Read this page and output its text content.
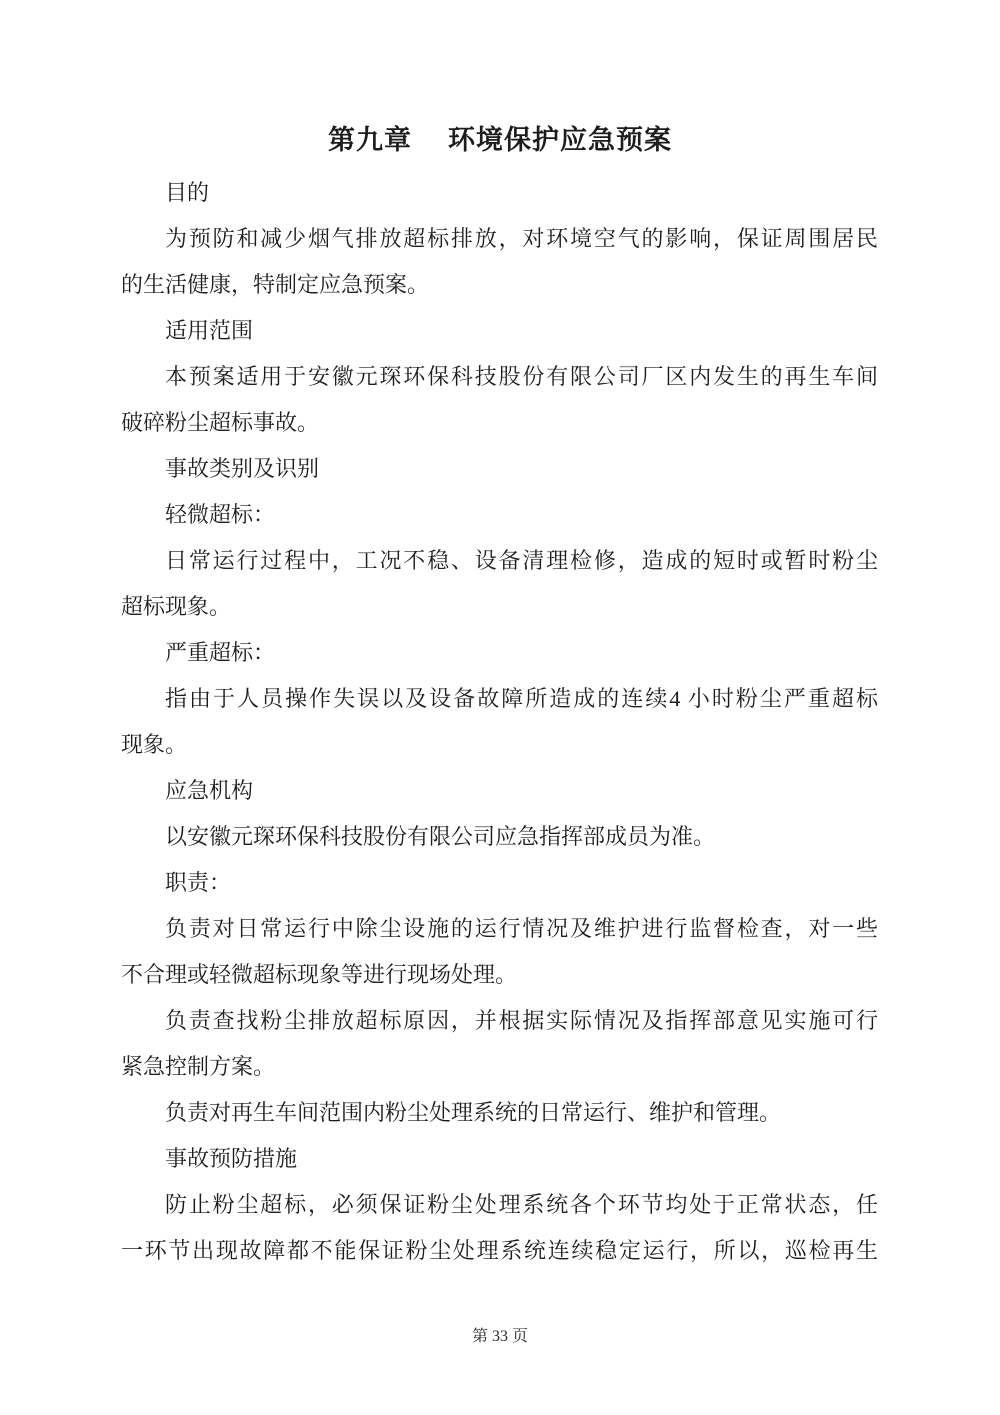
第九章 环境保护应急预案
目的
为预防和减少烟气排放超标排放，对环境空气的影响，保证周围居民
的生活健康，特制定应急预案。
适用范围
本预案适用于安徽元琛环保科技股份有限公司厂区内发生的再生车间
破碎粉尘超标事故。
事故类别及识别
轻微超标：
日常运行过程中，工况不稳、设备清理检修，造成的短时或暂时粉尘
超标现象。
严重超标：
指由于人员操作失误以及设备故障所造成的连续4 小时粉尘严重超标
现象。
应急机构
以安徽元琛环保科技股份有限公司应急指挥部成员为准。
职责：
负责对日常运行中除尘设施的运行情况及维护进行监督检查，对一些
不合理或轻微超标现象等进行现场处理。
负责查找粉尘排放超标原因，并根据实际情况及指挥部意见实施可行
紧急控制方案。
负责对再生车间范围内粉尘处理系统的日常运行、维护和管理。
事故预防措施
防止粉尘超标，必须保证粉尘处理系统各个环节均处于正常状态，任
一环节出现故障都不能保证粉尘处理系统连续稳定运行，所以，巡检再生
第 33 页
